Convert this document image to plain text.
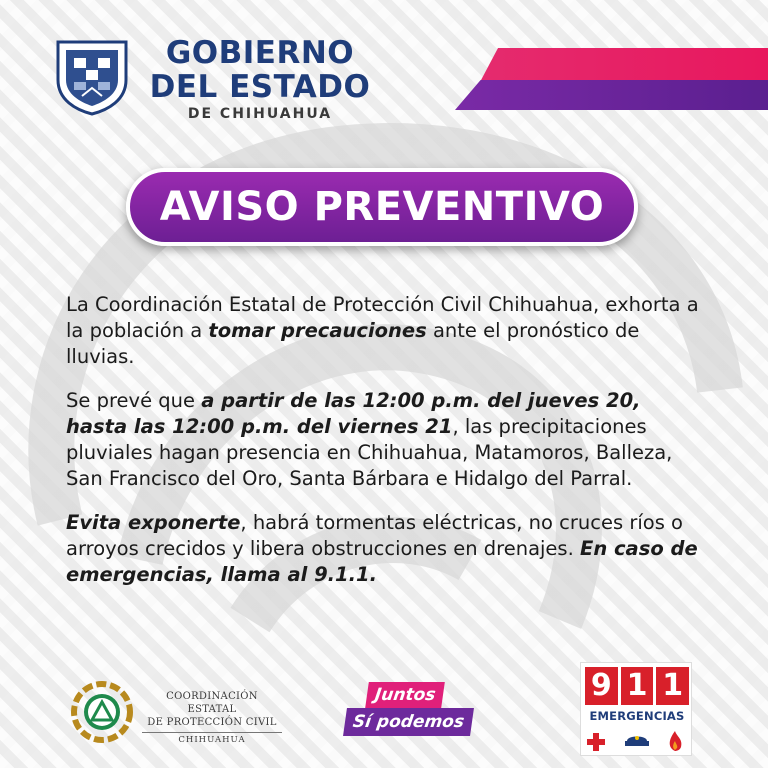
GOBIERNO
DEL ESTADO
DE CHIHUAHUA
AVISO PREVENTIVO

La Coordinación Estatal de Protección Civil Chihuahua, exhorta a la población a tomar precauciones ante el pronóstico de lluvias.

Se prevé que a partir de las 12:00 p.m. del jueves 20, hasta las 12:00 p.m. del viernes 21, las precipitaciones pluviales hagan presencia en Chihuahua, Matamoros, Balleza, San Francisco del Oro, Santa Bárbara e Hidalgo del Parral.

Evita exponerte, habrá tormentas eléctricas, no cruces ríos o arroyos crecidos y libera obstrucciones en drenajes. En caso de emergencias, llama al 9.1.1.

COORDINACIÓN ESTATAL
DE PROTECCIÓN CIVIL
CHIHUAHUA
Juntos
Sí podemos
9 1 1
EMERGENCIAS
